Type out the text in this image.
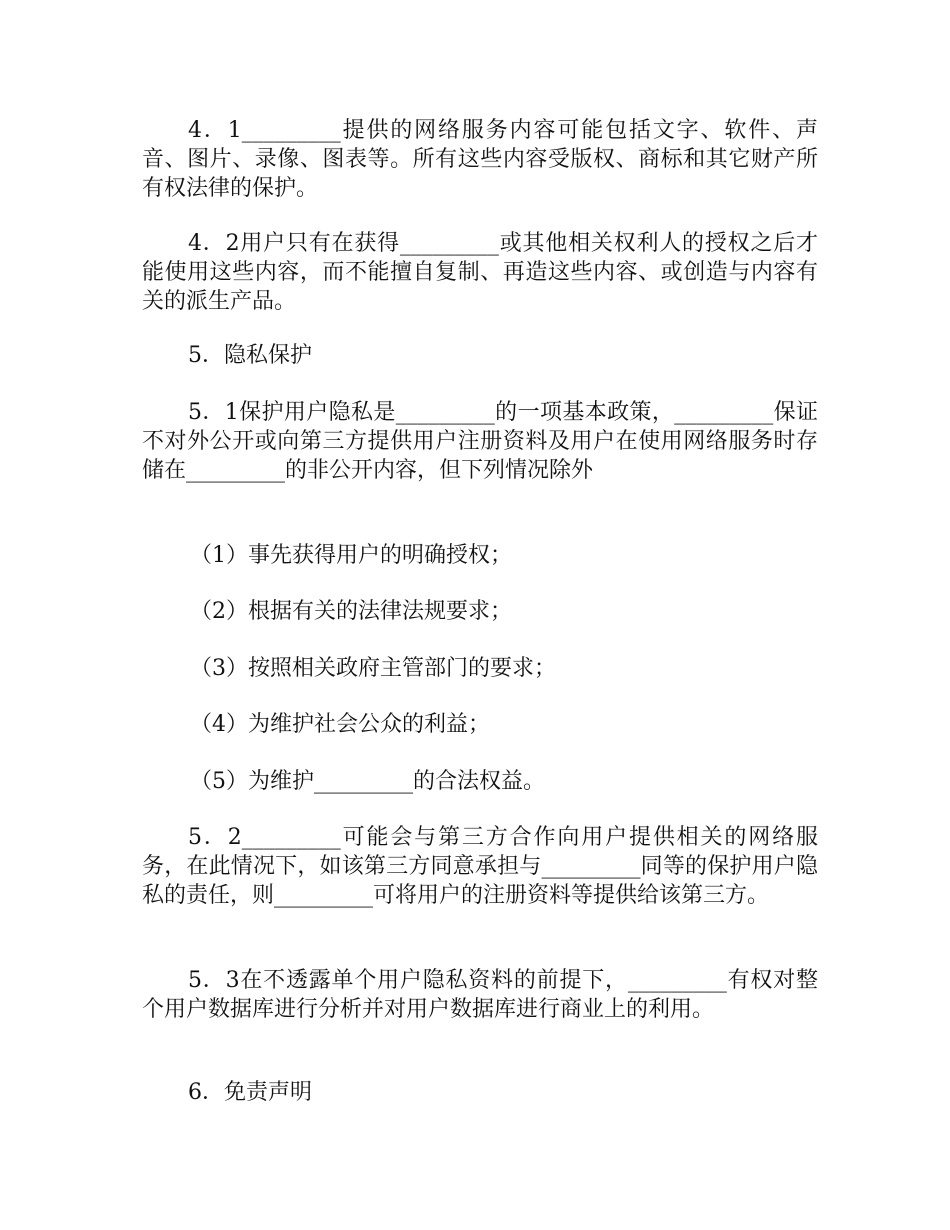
4．1_________提供的网络服务内容可能包括文字、软件、声音、图片、录像、图表等。所有这些内容受版权、商标和其它财产所有权法律的保护。

4．2用户只有在获得_________或其他相关权利人的授权之后才能使用这些内容，而不能擅自复制、再造这些内容、或创造与内容有关的派生产品。

5．隐私保护

5．1保护用户隐私是_________的一项基本政策，_________保证不对外公开或向第三方提供用户注册资料及用户在使用网络服务时存储在_________的非公开内容，但下列情况除外

（1）事先获得用户的明确授权；

（2）根据有关的法律法规要求；

（3）按照相关政府主管部门的要求；

（4）为维护社会公众的利益；

（5）为维护_________的合法权益。

5．2_________可能会与第三方合作向用户提供相关的网络服务，在此情况下，如该第三方同意承担与_________同等的保护用户隐私的责任，则_________可将用户的注册资料等提供给该第三方。

5．3在不透露单个用户隐私资料的前提下，_________有权对整个用户数据库进行分析并对用户数据库进行商业上的利用。

6．免责声明
